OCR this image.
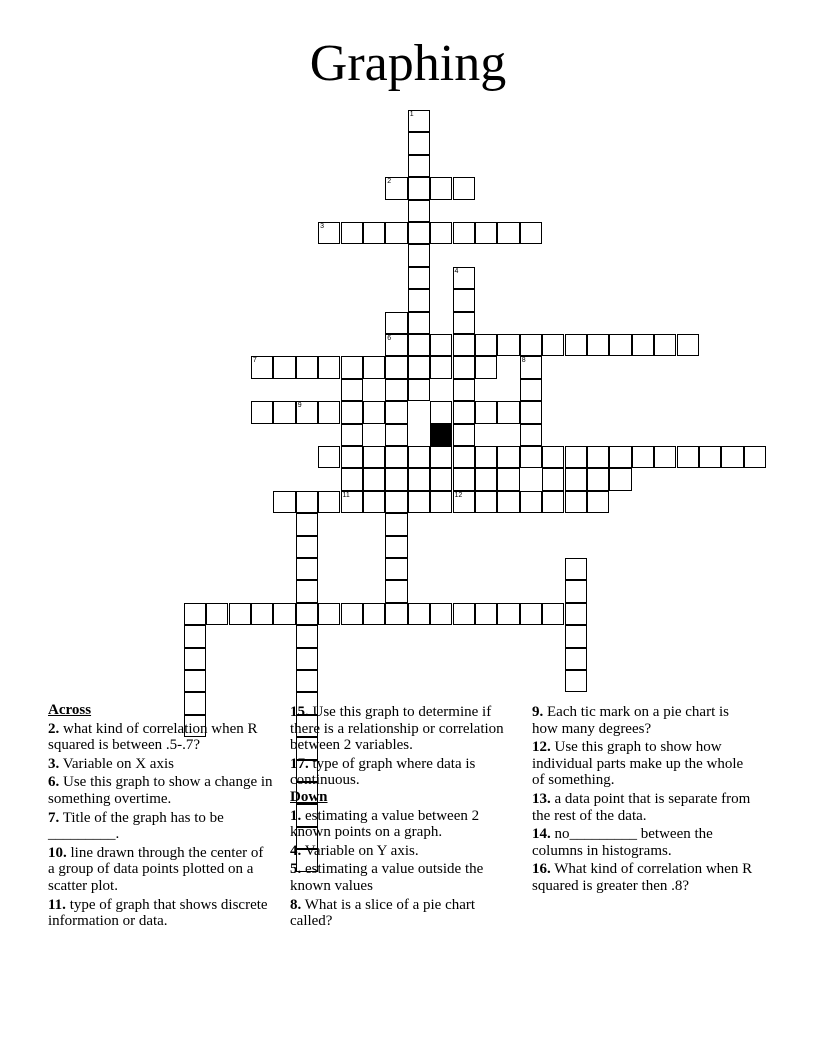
Graphing
1
2
3
4
6
7	8
9
11	12
Across
2. what kind of correlation when R squared is between .5-.7?
3. Variable on X axis
6. Use this graph to show a change in something overtime.
7. Title of the graph has to be _________.
10. line drawn through the center of a group of data points plotted on a scatter plot.
11. type of graph that shows discrete information or data.
15. Use this graph to determine if there is a relationship or correlation between 2 variables.
17. type of graph where data is continuous.
Down
1. estimating a value between 2 known points on a graph.
4. Variable on Y axis.
5. estimating a value outside the known values
8. What is a slice of a pie chart called?
9. Each tic mark on a pie chart is how many degrees?
12. Use this graph to show how individual parts make up the whole of something.
13. a data point that is separate from the rest of the data.
14. no_________ between the columns in histograms.
16. What kind of correlation when R squared is greater then .8?
